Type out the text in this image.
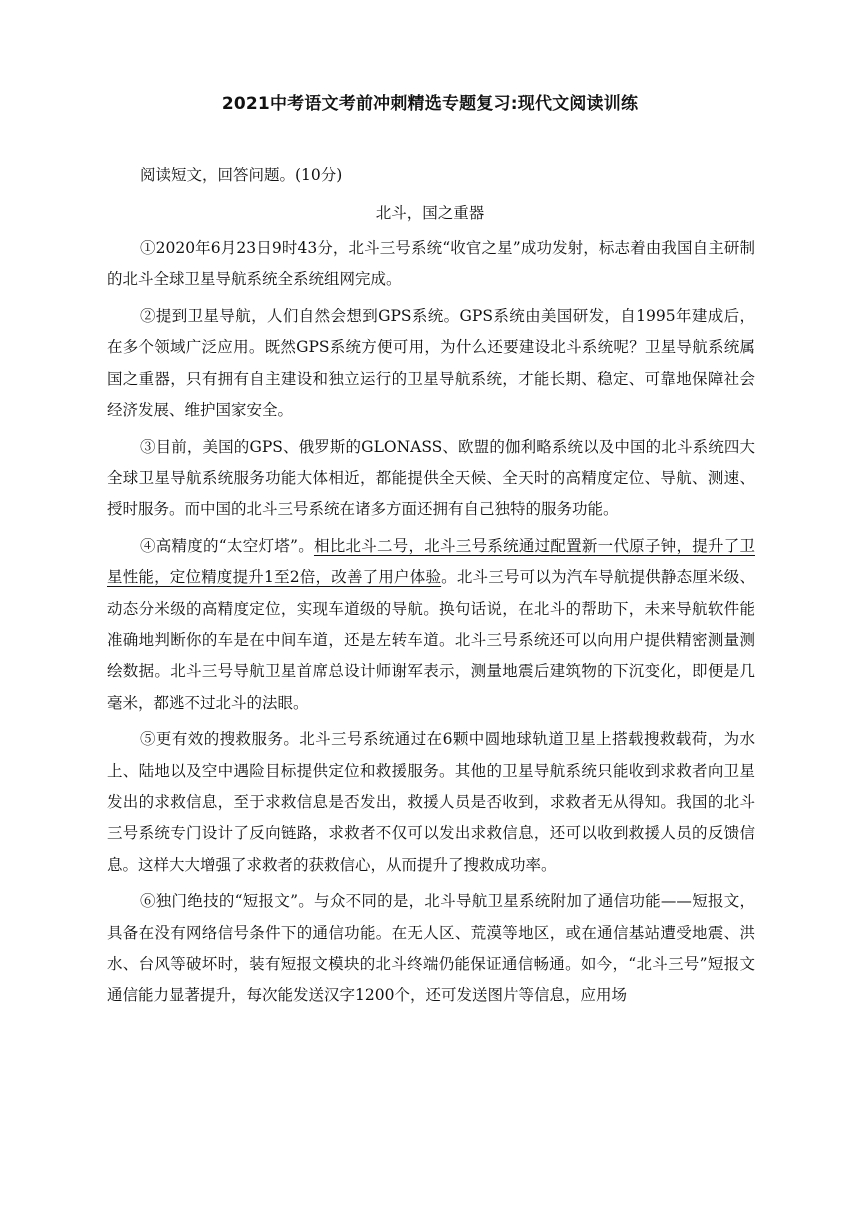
2021中考语文考前冲刺精选专题复习:现代文阅读训练
阅读短文，回答问题。(10分)
北斗，国之重器

①2020年6月23日9时43分，北斗三号系统“收官之星”成功发射，标志着由我国自主研制的北斗全球卫星导航系统全系统组网完成。

②提到卫星导航，人们自然会想到GPS系统。GPS系统由美国研发，自1995年建成后，在多个领域广泛应用。既然GPS系统方便可用，为什么还要建设北斗系统呢？卫星导航系统属国之重器，只有拥有自主建设和独立运行的卫星导航系统，才能长期、稳定、可靠地保障社会经济发展、维护国家安全。

③目前，美国的GPS、俄罗斯的GLONASS、欧盟的伽利略系统以及中国的北斗系统四大全球卫星导航系统服务功能大体相近，都能提供全天候、全天时的高精度定位、导航、测速、授时服务。而中国的北斗三号系统在诸多方面还拥有自己独特的服务功能。

④高精度的“太空灯塔”。相比北斗二号，北斗三号系统通过配置新一代原子钟，提升了卫星性能，定位精度提升1至2倍，改善了用户体验。北斗三号可以为汽车导航提供静态厘米级、动态分米级的高精度定位，实现车道级的导航。换句话说，在北斗的帮助下，未来导航软件能准确地判断你的车是在中间车道，还是左转车道。北斗三号系统还可以向用户提供精密测量测绘数据。北斗三号导航卫星首席总设计师谢军表示，测量地震后建筑物的下沉变化，即便是几毫米，都逃不过北斗的法眼。

⑤更有效的搜救服务。北斗三号系统通过在6颗中圆地球轨道卫星上搭载搜救载荷，为水上、陆地以及空中遇险目标提供定位和救援服务。其他的卫星导航系统只能收到求救者向卫星发出的求救信息，至于求救信息是否发出，救援人员是否收到，求救者无从得知。我国的北斗三号系统专门设计了反向链路，求救者不仅可以发出求救信息，还可以收到救援人员的反馈信息。这样大大增强了求救者的获救信心，从而提升了搜救成功率。

⑥独门绝技的“短报文”。与众不同的是，北斗导航卫星系统附加了通信功能——短报文，具备在没有网络信号条件下的通信功能。在无人区、荒漠等地区，或在通信基站遭受地震、洪水、台风等破坏时，装有短报文模块的北斗终端仍能保证通信畅通。如今，“北斗三号”短报文通信能力显著提升，每次能发送汉字1200个，还可发送图片等信息，应用场
